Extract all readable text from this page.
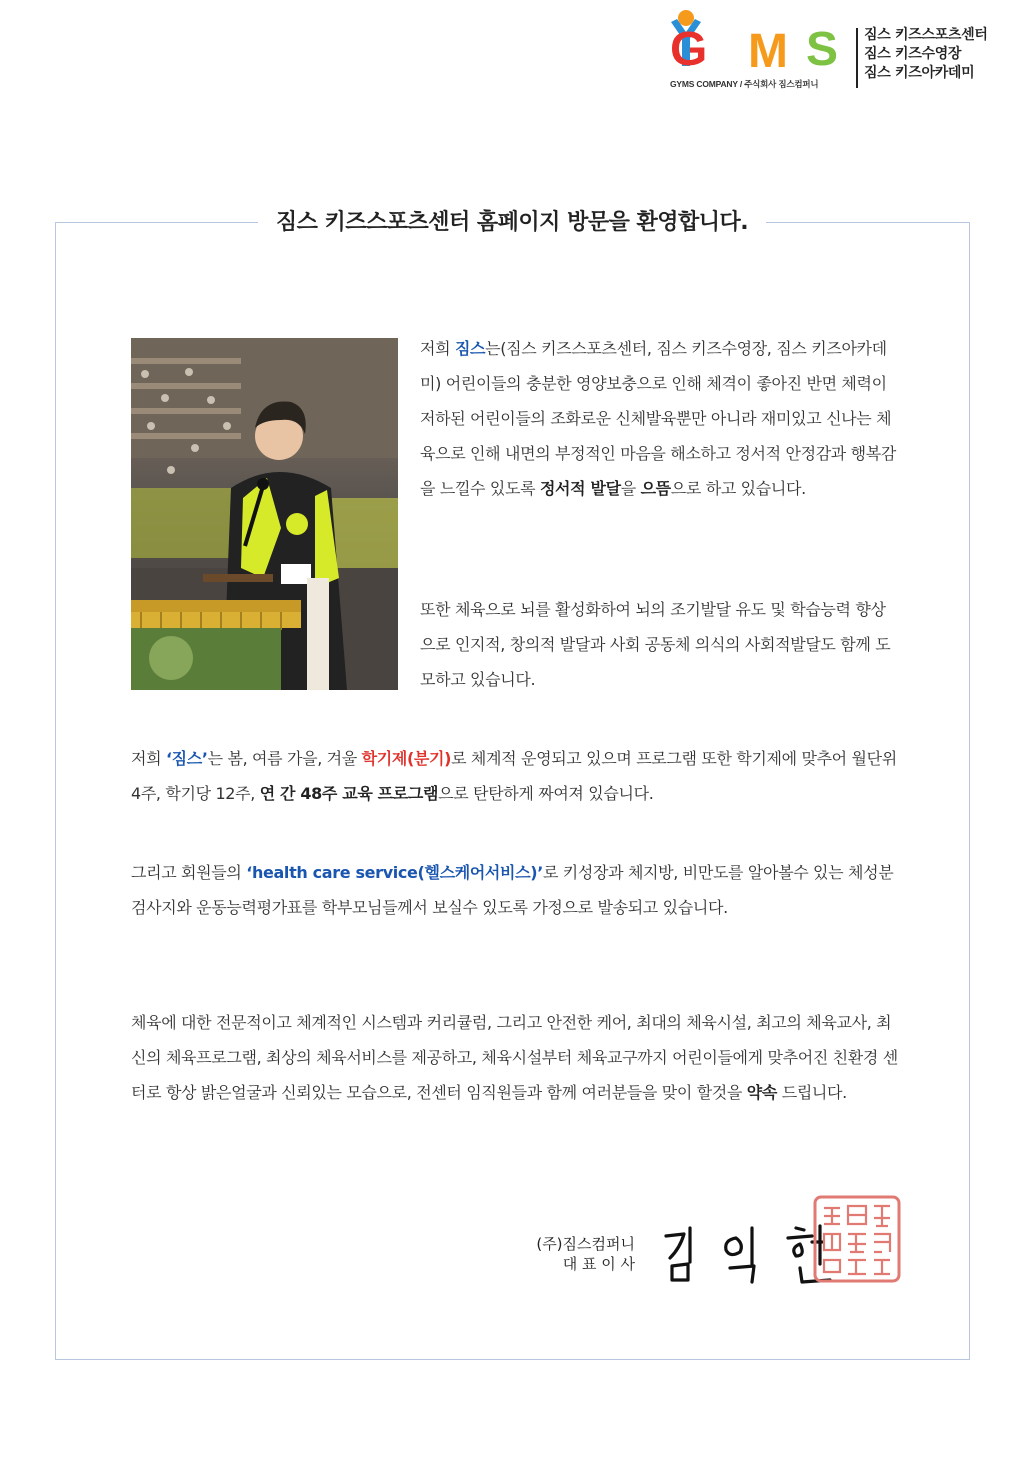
G M S
GYMS COMPANY / 주식회사 짐스컴퍼니
짐스 키즈스포츠센터
짐스 키즈수영장
짐스 키즈아카데미
짐스 키즈스포츠센터 홈페이지 방문을 환영합니다.
저희 짐스는(짐스 키즈스포츠센터, 짐스 키즈수영장, 짐스 키즈아카데미) 어린이들의 충분한 영양보충으로 인해 체격이 좋아진 반면 체력이 저하된 어린이들의 조화로운 신체발육뿐만 아니라 재미있고 신나는 체육으로 인해 내면의 부정적인 마음을 해소하고 정서적 안정감과 행복감을 느낄수 있도록 정서적 발달을 으뜸으로 하고 있습니다.
또한 체육으로 뇌를 활성화하여 뇌의 조기발달 유도 및 학습능력 향상으로 인지적, 창의적 발달과 사회 공동체 의식의 사회적발달도 함께 도모하고 있습니다.
저희 ‘짐스’는 봄, 여름 가을, 겨울 학기제(분기)로 체계적 운영되고 있으며 프로그램 또한 학기제에 맞추어 월단위 4주, 학기당 12주, 연 간 48주 교육 프로그램으로 탄탄하게 짜여져 있습니다.
그리고 회원들의 ‘health care service(헬스케어서비스)’로 키성장과 체지방, 비만도를 알아볼수 있는 체성분검사지와 운동능력평가표를 학부모님들께서 보실수 있도록 가정으로 발송되고 있습니다.
체육에 대한 전문적이고 체계적인 시스템과 커리큘럼, 그리고 안전한 케어, 최대의 체육시설, 최고의 체육교사, 최신의 체육프로그램, 최상의 체육서비스를 제공하고, 체육시설부터 체육교구까지 어린이들에게 맞추어진 친환경 센터로 항상 밝은얼굴과 신뢰있는 모습으로, 전센터 임직원들과 함께 여러분들을 맞이 할것을 약속 드립니다.
(주)짐스컴퍼니
대 표 이 사
